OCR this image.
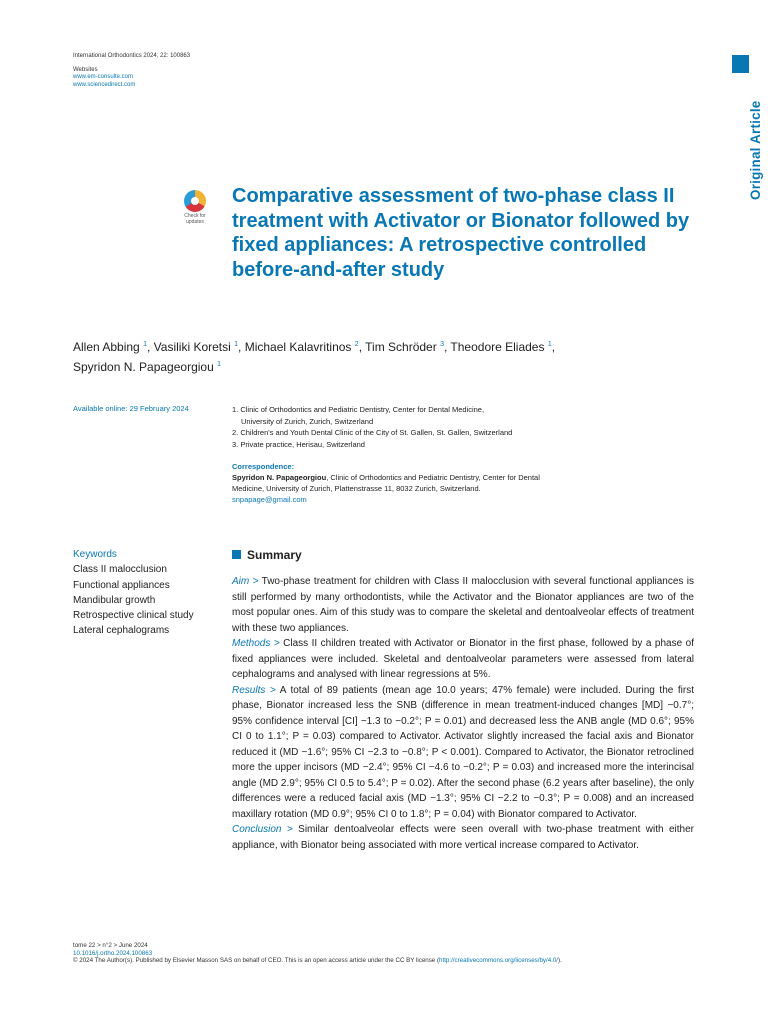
International Orthodontics 2024; 22: 100863
Websites
www.em-consulte.com
www.sciencedirect.com
Original Article
Check for
updates
Comparative assessment of two-phase class II treatment with Activator or Bionator followed by fixed appliances: A retrospective controlled before-and-after study
Allen Abbing $^1$, Vasiliki Koretsi $^1$, Michael Kalavritinos $^2$, Tim Schröder $^3$, Theodore Eliades $^1$,
Spyridon N. Papageorgiou $^1$
Available online: 29 February 2024	1. Clinic of Orthodontics and Pediatric Dentistry, Center for Dental Medicine,
University of Zurich, Zurich, Switzerland
2. Children's and Youth Dental Clinic of the City of St. Gallen, St. Gallen, Switzerland
3. Private practice, Herisau, Switzerland
Correspondence:
Spyridon N. Papageorgiou, Clinic of Orthodontics and Pediatric Dentistry, Center for Dental Medicine, University of Zurich, Plattenstrasse 11, 8032 Zurich, Switzerland.
snpapage@gmail.com
Keywords
Class II malocclusion
Functional appliances
Mandibular growth
Retrospective clinical study
Lateral cephalograms
Summary

Aim > Two-phase treatment for children with Class II malocclusion with several functional appliances is still performed by many orthodontists, while the Activator and the Bionator appliances are two of the most popular ones. Aim of this study was to compare the skeletal and dentoalveolar effects of treatment with these two appliances.

Methods > Class II children treated with Activator or Bionator in the first phase, followed by a phase of fixed appliances were included. Skeletal and dentoalveolar parameters were assessed from lateral cephalograms and analysed with linear regressions at 5%.

Results > A total of 89 patients (mean age 10.0 years; 47% female) were included. During the first phase, Bionator increased less the SNB (difference in mean treatment-induced changes [MD] −0.7°; 95% confidence interval [CI] −1.3 to −0.2°; P = 0.01) and decreased less the ANB angle (MD 0.6°; 95% CI 0 to 1.1°; P = 0.03) compared to Activator. Activator slightly increased the facial axis and Bionator reduced it (MD −1.6°; 95% CI −2.3 to −0.8°; P < 0.001). Compared to Activator, the Bionator retroclined more the upper incisors (MD −2.4°; 95% CI −4.6 to −0.2°; P = 0.03) and increased more the interincisal angle (MD 2.9°; 95% CI 0.5 to 5.4°; P = 0.02). After the second phase (6.2 years after baseline), the only differences were a reduced facial axis (MD −1.3°; 95% CI −2.2 to −0.3°; P = 0.008) and an increased maxillary rotation (MD 0.9°; 95% CI 0 to 1.8°; P = 0.04) with Bionator compared to Activator.

Conclusion > Similar dentoalveolar effects were seen overall with two-phase treatment with either appliance, with Bionator being associated with more vertical increase compared to Activator.

tome 22 > n°2 > June 2024
10.1016/j.ortho.2024.100863
© 2024 The Author(s). Published by Elsevier Masson SAS on behalf of CEO. This is an open access article under the CC BY license (http://creativecommons.org/licenses/by/4.0/).
